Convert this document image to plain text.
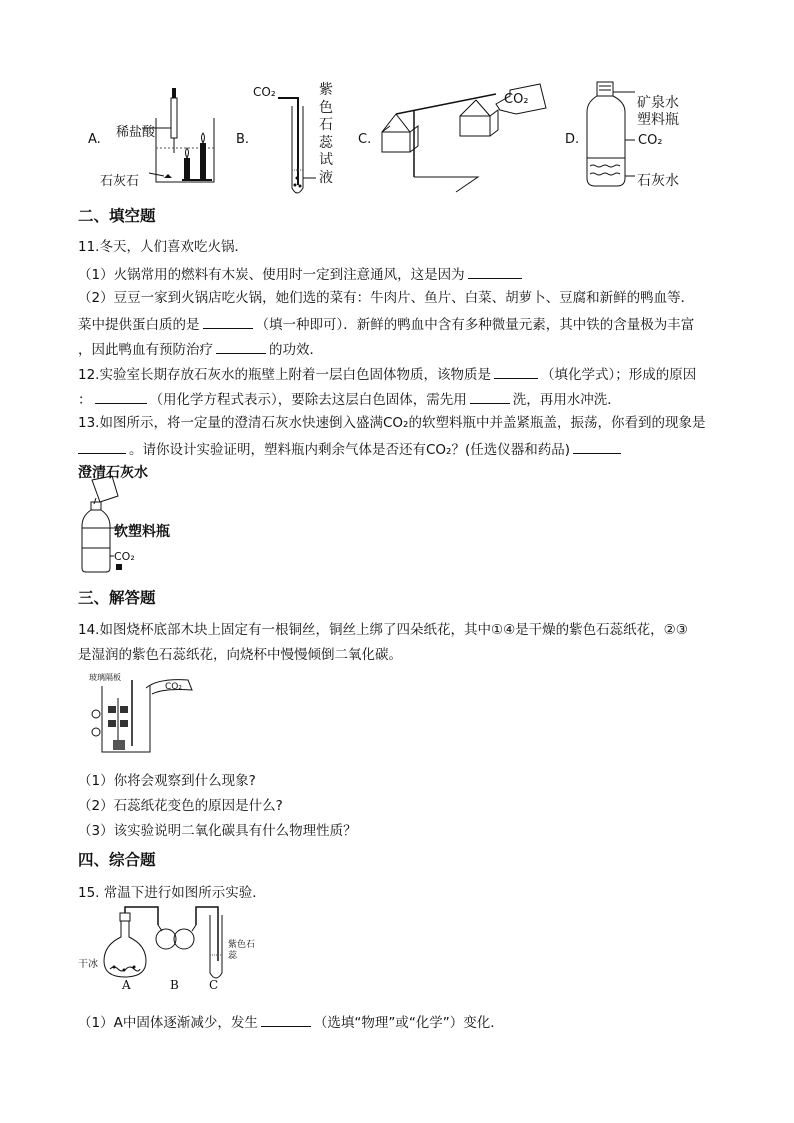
A. 稀盐酸
石灰石
B.
CO₂	紫
色
石
蕊
试
液
C.
CO₂
D.
矿泉水
塑料瓶
CO₂
石灰水
二、填空题
11.冬天，人们喜欢吃火锅．
（1）火锅常用的燃料有木炭、使用时一定到注意通风，这是因为
（2）豆豆一家到火锅店吃火锅，她们选的菜有：牛肉片、鱼片、白菜、胡萝卜、豆腐和新鲜的鸭血等．
菜中提供蛋白质的是	（填一种即可）．新鲜的鸭血中含有多种微量元素，其中铁的含量极为丰富
，因此鸭血有预防治疗	的功效．
12.实验室长期存放石灰水的瓶壁上附着一层白色固体物质，该物质是	（填化学式）；形成的原因
：	（用化学方程式表示），要除去这层白色固体，需先用	洗，再用水冲洗．
13.如图所示，将一定量的澄清石灰水快速倒入盛满CO₂的软塑料瓶中并盖紧瓶盖，振荡，你看到的现象是
。请你设计实验证明，塑料瓶内剩余气体是否还有CO₂？(任选仪器和药品)
澄清石灰水
软塑料瓶
CO₂
三、解答题
14.如图烧杯底部木块上固定有一根铜丝，铜丝上绑了四朵纸花，其中①④是干燥的紫色石蕊纸花，②③
是湿润的紫色石蕊纸花，向烧杯中慢慢倾倒二氧化碳。
玻璃隔板
CO₂
（1）你将会观察到什么现象?
（2）石蕊纸花变色的原因是什么?
（3）该实验说明二氧化碳具有什么物理性质？
四、综合题
15. 常温下进行如图所示实验．
干冰
紫色石蕊
A	B	C
（1）A中固体逐渐减少，发生	（选填“物理”或“化学”）变化．
